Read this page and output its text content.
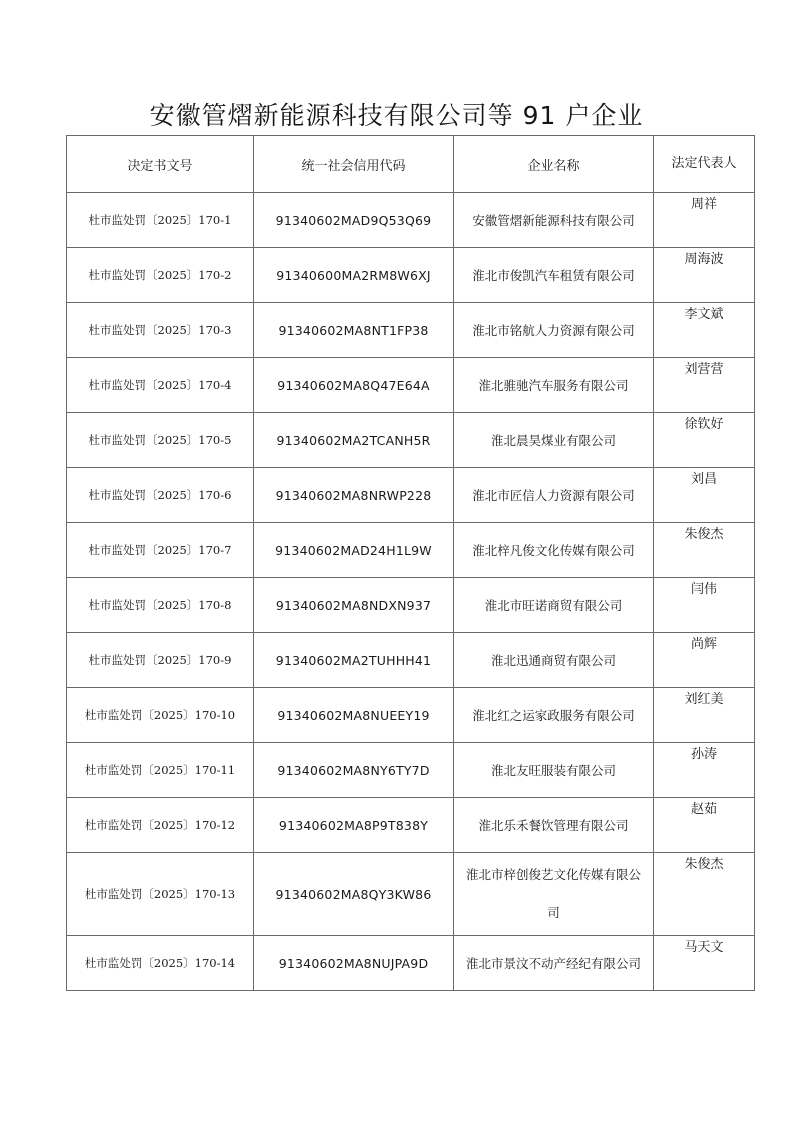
安徽管熠新能源科技有限公司等 91 户企业
决定书文号	统一社会信用代码	企业名称	法定代表人
杜市监处罚〔2025〕170-1	91340602MAD9Q53Q69	安徽管熠新能源科技有限公司	周祥
杜市监处罚〔2025〕170-2	91340600MA2RM8W6XJ	淮北市俊凯汽车租赁有限公司	周海波
杜市监处罚〔2025〕170-3	91340602MA8NT1FP38	淮北市铭航人力资源有限公司	李文斌
杜市监处罚〔2025〕170-4	91340602MA8Q47E64A	淮北骓驰汽车服务有限公司	刘营营
杜市监处罚〔2025〕170-5	91340602MA2TCANH5R	淮北晨昊煤业有限公司	徐钦好
杜市监处罚〔2025〕170-6	91340602MA8NRWP228	淮北市匠信人力资源有限公司	刘昌
杜市监处罚〔2025〕170-7	91340602MAD24H1L9W	淮北梓凡俊文化传媒有限公司	朱俊杰
杜市监处罚〔2025〕170-8	91340602MA8NDXN937	淮北市旺诺商贸有限公司	闫伟
杜市监处罚〔2025〕170-9	91340602MA2TUHHH41	淮北迅通商贸有限公司	尚辉
杜市监处罚〔2025〕170-10	91340602MA8NUEEY19	淮北红之运家政服务有限公司	刘红美
杜市监处罚〔2025〕170-11	91340602MA8NY6TY7D	淮北友旺服装有限公司	孙涛
杜市监处罚〔2025〕170-12	91340602MA8P9T838Y	淮北乐禾餐饮管理有限公司	赵茹
杜市监处罚〔2025〕170-13	91340602MA8QY3KW86	淮北市梓创俊艺文化传媒有限公司	朱俊杰
杜市监处罚〔2025〕170-14	91340602MA8NUJPA9D	淮北市景汶不动产经纪有限公司	马天文
